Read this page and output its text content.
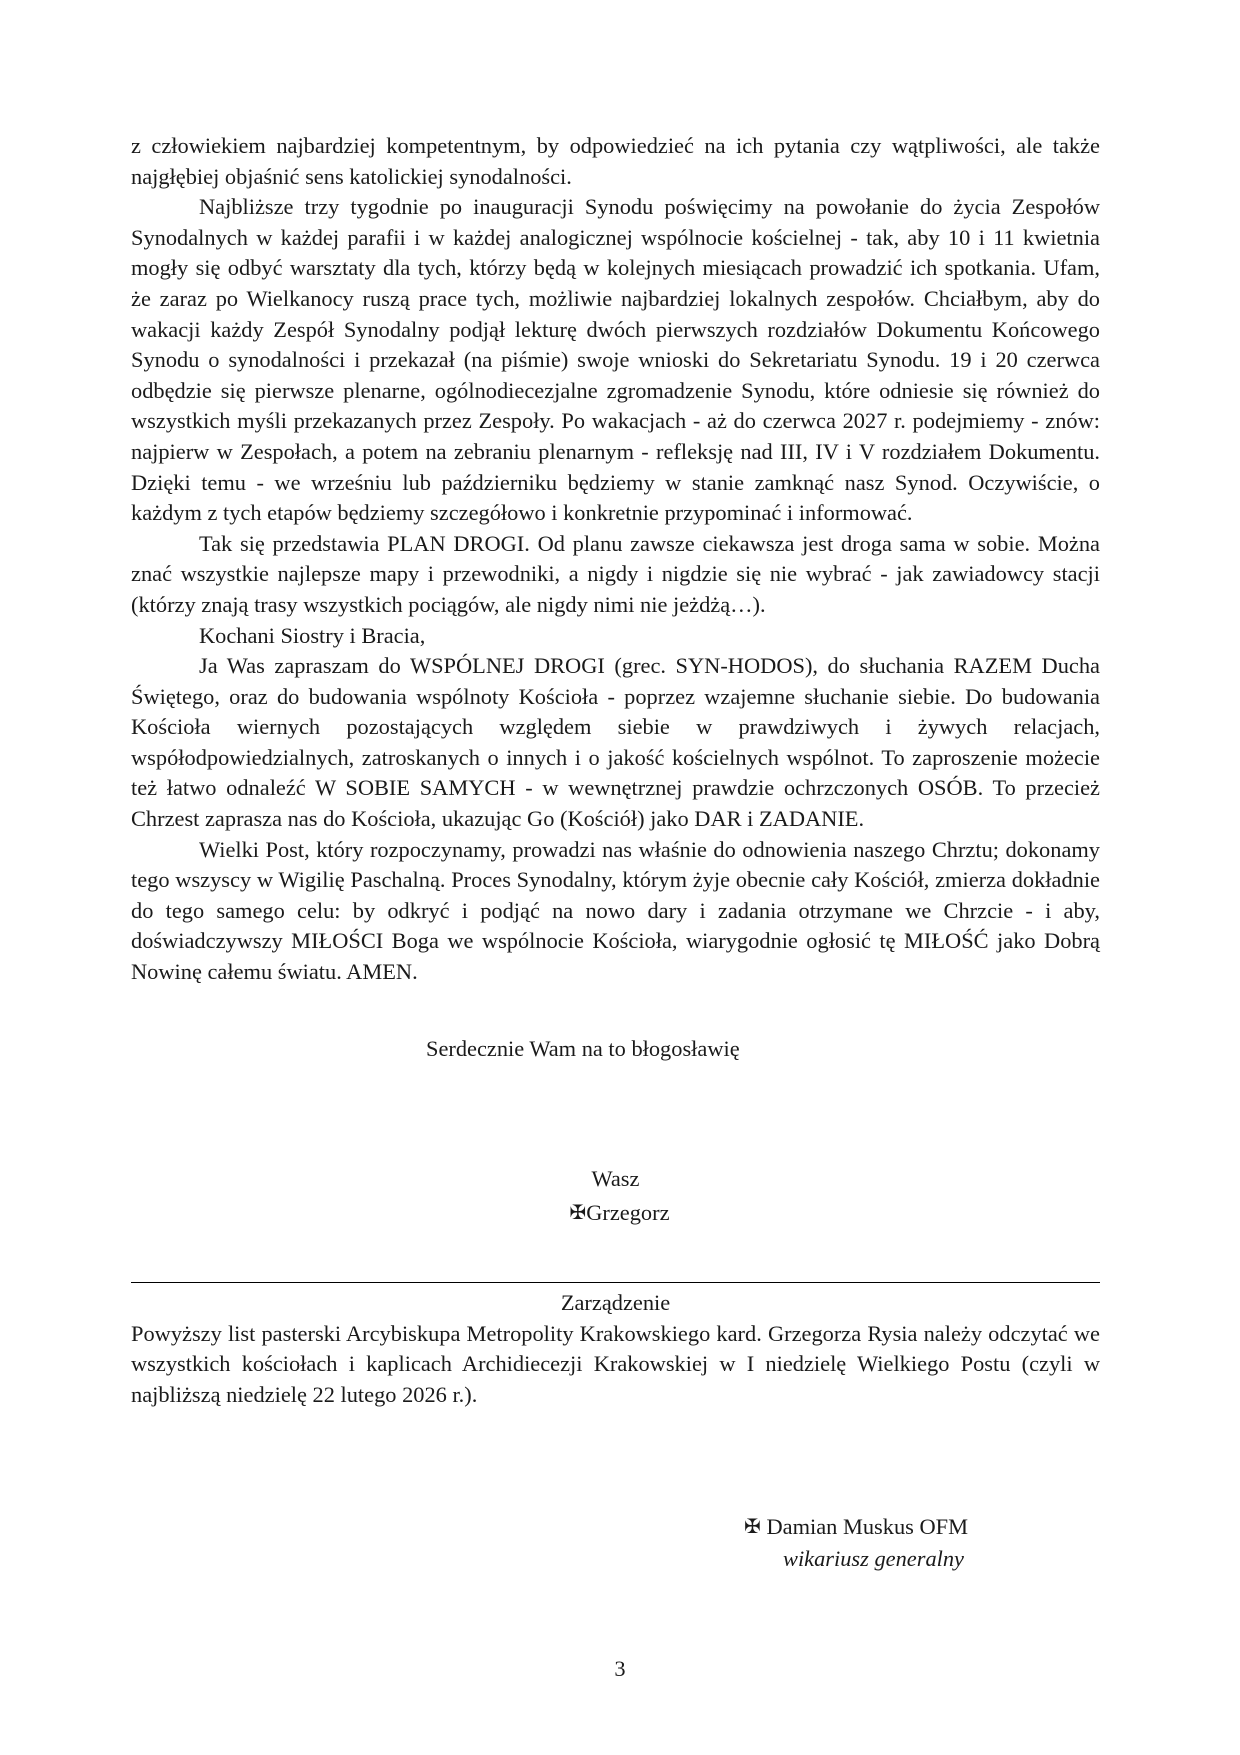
z człowiekiem najbardziej kompetentnym, by odpowiedzieć na ich pytania czy wątpliwości, ale także najgłębiej objaśnić sens katolickiej synodalności.

Najbliższe trzy tygodnie po inauguracji Synodu poświęcimy na powołanie do życia Zespołów Synodalnych w każdej parafii i w każdej analogicznej wspólnocie kościelnej - tak, aby 10 i 11 kwietnia mogły się odbyć warsztaty dla tych, którzy będą w kolejnych miesiącach prowadzić ich spotkania. Ufam, że zaraz po Wielkanocy ruszą prace tych, możliwie najbardziej lokalnych zespołów. Chciałbym, aby do wakacji każdy Zespół Synodalny podjął lekturę dwóch pierwszych rozdziałów Dokumentu Końcowego Synodu o synodalności i przekazał (na piśmie) swoje wnioski do Sekretariatu Synodu. 19 i 20 czerwca odbędzie się pierwsze plenarne, ogólnodiecezjalne zgromadzenie Synodu, które odniesie się również do wszystkich myśli przekazanych przez Zespoły. Po wakacjach - aż do czerwca 2027 r. podejmiemy - znów: najpierw w Zespołach, a potem na zebraniu plenarnym - refleksję nad III, IV i V rozdziałem Dokumentu. Dzięki temu - we wrześniu lub październiku będziemy w stanie zamknąć nasz Synod. Oczywiście, o każdym z tych etapów będziemy szczegółowo i konkretnie przypominać i informować.

Tak się przedstawia PLAN DROGI. Od planu zawsze ciekawsza jest droga sama w sobie. Można znać wszystkie najlepsze mapy i przewodniki, a nigdy i nigdzie się nie wybrać - jak zawiadowcy stacji (którzy znają trasy wszystkich pociągów, ale nigdy nimi nie jeżdżą…).

Kochani Siostry i Bracia,

Ja Was zapraszam do WSPÓLNEJ DROGI (grec. SYN-HODOS), do słuchania RAZEM Ducha Świętego, oraz do budowania wspólnoty Kościoła - poprzez wzajemne słuchanie siebie. Do budowania Kościoła wiernych pozostających względem siebie w prawdziwych i żywych relacjach, współodpowiedzialnych, zatroskanych o innych i o jakość kościelnych wspólnot. To zaproszenie możecie też łatwo odnaleźć W SOBIE SAMYCH - w wewnętrznej prawdzie ochrzczonych OSÓB. To przecież Chrzest zaprasza nas do Kościoła, ukazując Go (Kościół) jako DAR i ZADANIE.

Wielki Post, który rozpoczynamy, prowadzi nas właśnie do odnowienia naszego Chrztu; dokonamy tego wszyscy w Wigilię Paschalną. Proces Synodalny, którym żyje obecnie cały Kościół, zmierza dokładnie do tego samego celu: by odkryć i podjąć na nowo dary i zadania otrzymane we Chrzcie - i aby, doświadczywszy MIŁOŚCI Boga we wspólnocie Kościoła, wiarygodnie ogłosić tę MIŁOŚĆ jako Dobrą Nowinę całemu światu. AMEN.

Serdecznie Wam na to błogosławię

Wasz
✠Grzegorz

Zarządzenie

Powyższy list pasterski Arcybiskupa Metropolity Krakowskiego kard. Grzegorza Rysia należy odczytać we wszystkich kościołach i kaplicach Archidiecezji Krakowskiej w I niedzielę Wielkiego Postu (czyli w najbliższą niedzielę 22 lutego 2026 r.).

✠ Damian Muskus OFM
wikariusz generalny
3
